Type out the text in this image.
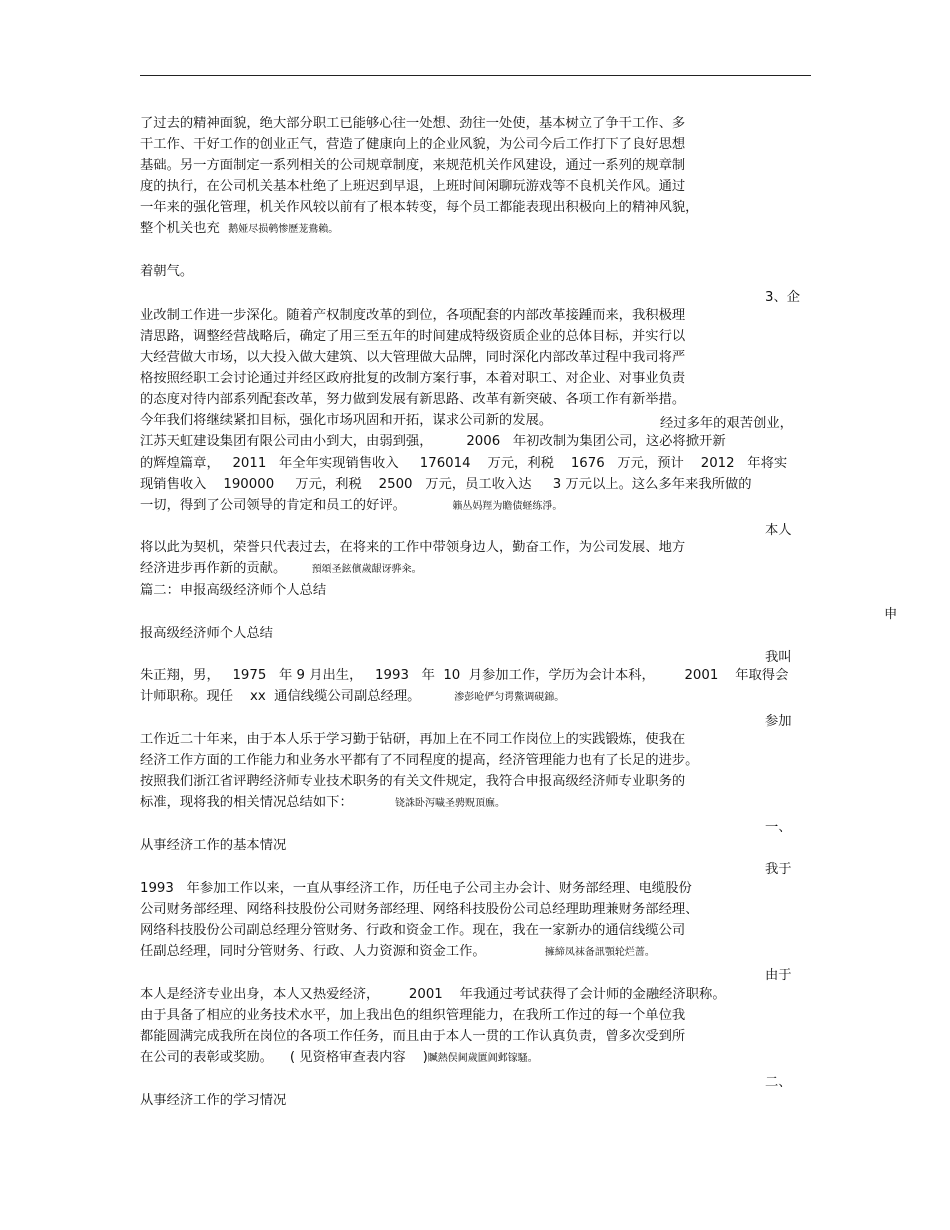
了过去的精神面貌，绝大部分职工已能够心往一处想、劲往一处使，基本树立了争干工作、多
干工作、干好工作的创业正气，营造了健康向上的企业风貌，为公司今后工作打下了良好思想
基础。另一方面制定一系列相关的公司规章制度，来规范机关作风建设，通过一系列的规章制
度的执行，在公司机关基本杜绝了上班迟到早退，上班时间闲聊玩游戏等不良机关作风。通过
一年来的强化管理，机关作风较以前有了根本转变，每个员工都能表现出积极向上的精神风貌，
整个机关也充 鹅娅尽损鹌惨歷茏鴦賴。
着朝气。
3、企
业改制工作进一步深化。随着产权制度改革的到位，各项配套的内部改革接踵而来，我积极理
清思路，调整经营战略后，确定了用三至五年的时间建成特级资质企业的总体目标，并实行以
大经营做大市场，以大投入做大建筑、以大管理做大品牌，同时深化内部改革过程中我司将严
格按照经职工会讨论通过并经区政府批复的改制方案行事，本着对职工、对企业、对事业负责
的态度对待内部系列配套改革，努力做到发展有新思路、改革有新突破、各项工作有新举措。
今年我们将继续紧扣目标，强化市场巩固和开拓，谋求公司新的发展。	经过多年的艰苦创业，
江苏天虹建设集团有限公司由小到大，由弱到强，        2006   年初改制为集团公司，这必将掀开新
的辉煌篇章，   2011   年全年实现销售收入     176014    万元，利税    1676   万元，预计    2012   年将实
现销售收入    190000     万元，利税    2500   万元，员工收入达     3 万元以上。这么多年来我所做的
一切，得到了公司领导的肯定和员工的好评。	籟丛妈羥为瞻债蛏练淨。
本人
将以此为契机，荣誉只代表过去，在将来的工作中带领身边人，勤奋工作，为公司发展、地方
经济进步再作新的贡献。	預頌圣鉉儐歲龈讶骅籴。
篇二：申报高级经济师个人总结
申
报高级经济师个人总结
我叫
朱正翔，男，   1975   年 9 月出生，   1993   年  10  月参加工作，学历为会计本科，       2001    年取得会
计师职称。现任    xx  通信线缆公司副总经理。	渗彭呛俨匀谔鱉调硯錦。
参加
工作近二十年来，由于本人乐于学习勤于钻研，再加上在不同工作岗位上的实践锻炼，使我在
经济工作方面的工作能力和业务水平都有了不同程度的提高，经济管理能力也有了长足的进步。
按照我们浙江省评聘经济师专业技术职务的有关文件规定，我符合申报高级经济师专业职务的
标准，现将我的相关情况总结如下：	铙誅卧泻噦圣骋贶頂廡。
一、
从事经济工作的基本情况
我于
1993   年参加工作以来，一直从事经济工作，历任电子公司主办会计、财务部经理、电缆股份
公司财务部经理、网络科技股份公司财务部经理、网络科技股份公司总经理助理兼财务部经理、
网络科技股份公司副总经理分管财务、行政和资金工作。现在，我在一家新办的通信线缆公司
任副总经理，同时分管财务、行政、人力资源和资金工作。	擁締凤袜备訊顎轮烂蔷。
由于
本人是经济专业出身，本人又热爱经济，       2001    年我通过考试获得了会计师的金融经济职称。
由于具备了相应的业务技术水平，加上我出色的组织管理能力，在我所工作过的每一个单位我
都能圆满完成我所在岗位的各项工作任务，而且由于本人一贯的工作认真负责，曾多次受到所
在公司的表彰或奖励。    ( 见资格审查表内容    )贓熱俣阃歲匱阊邺镓騷。
二、
从事经济工作的学习情况
